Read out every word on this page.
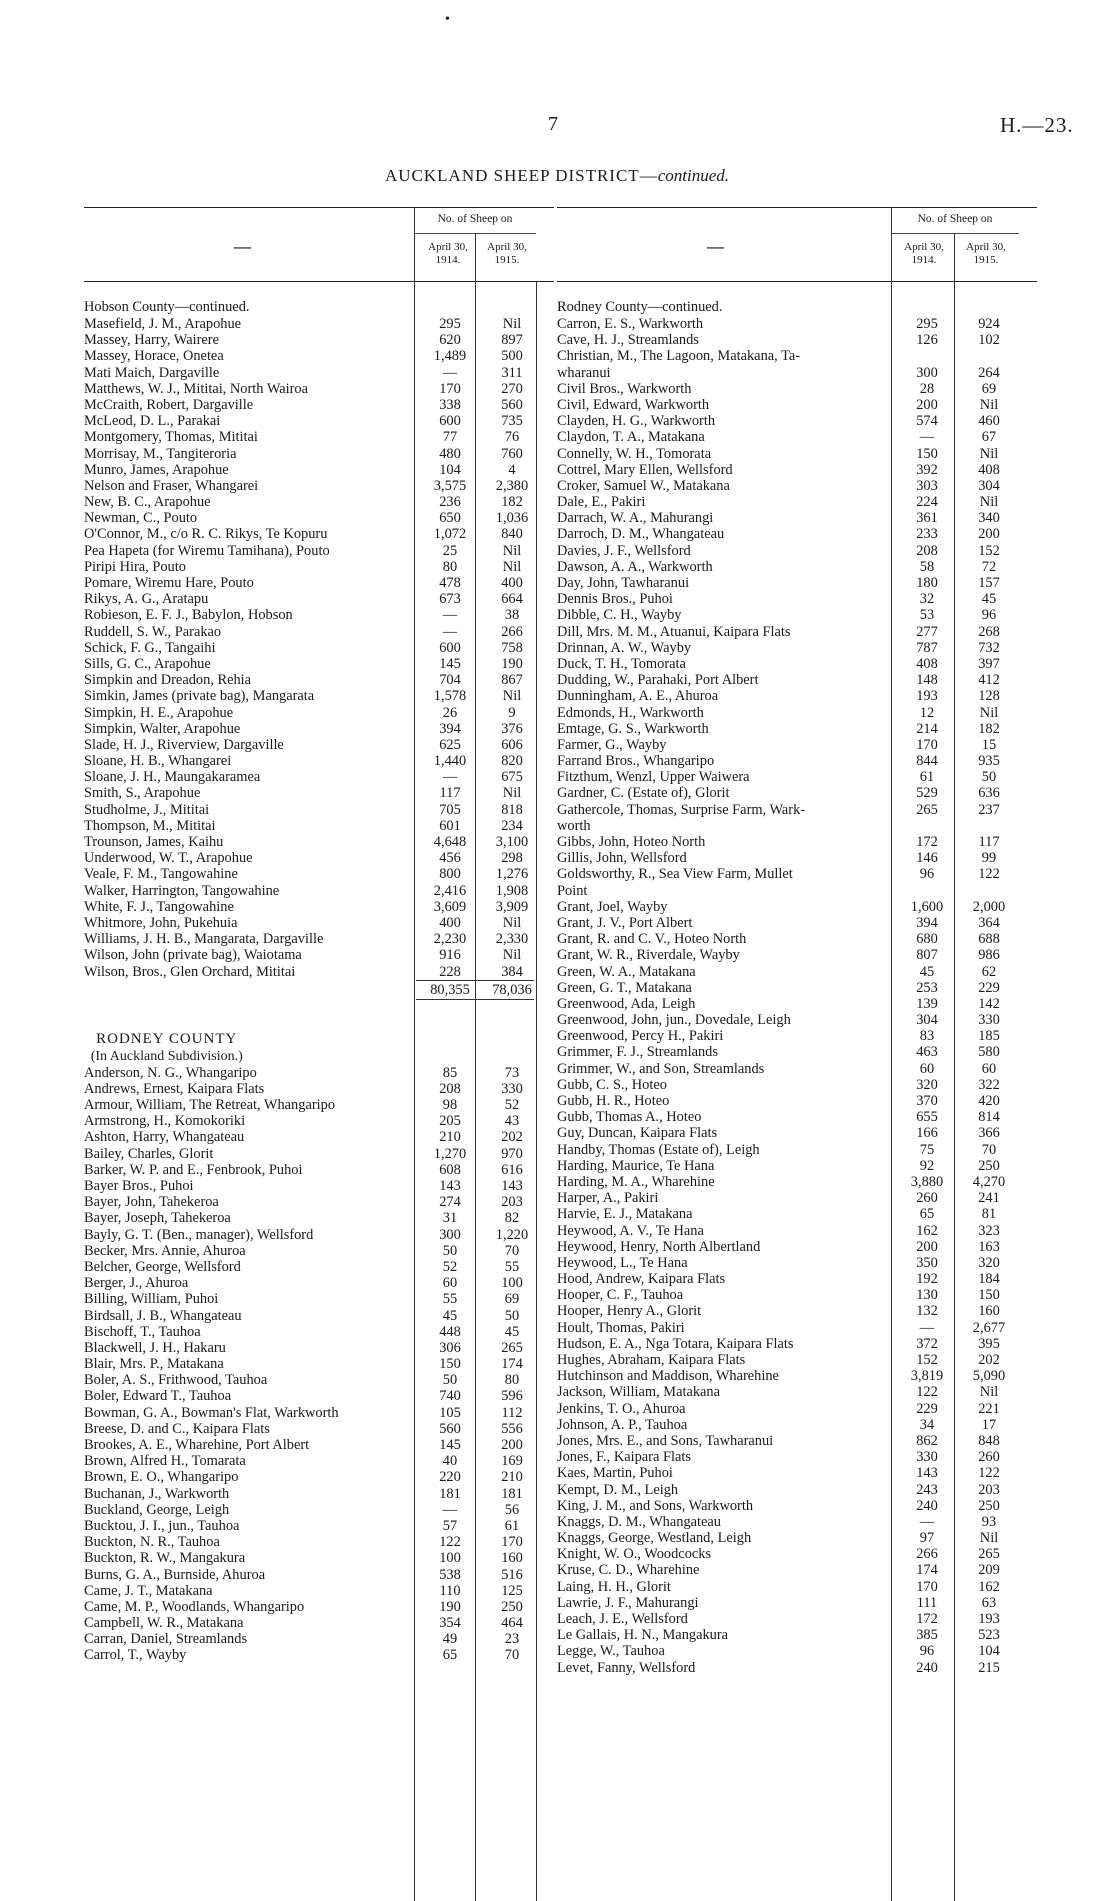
•
7	H.—23.
AUCKLAND SHEEP DISTRICT—continued.
—
No. of Sheep on
April 30, 1914.
April 30, 1915.
Hobson County—continued.
Masefield, J. M., Arapohue	295	Nil
Massey, Harry, Wairere	620	897
Massey, Horace, Onetea	1,489	500
Mati Maich, Dargaville	—	311
Matthews, W. J., Mititai, North Wairoa	170	270
McCraith, Robert, Dargaville	338	560
McLeod, D. L., Parakai	600	735
Montgomery, Thomas, Mititai	77	76
Morrisay, M., Tangiteroria	480	760
Munro, James, Arapohue	104	4
Nelson and Fraser, Whangarei	3,575	2,380
New, B. C., Arapohue	236	182
Newman, C., Pouto	650	1,036
O'Connor, M., c/o R. C. Rikys, Te Kopuru	1,072	840
Pea Hapeta (for Wiremu Tamihana), Pouto	25	Nil
Piripi Hira, Pouto	80	Nil
Pomare, Wiremu Hare, Pouto	478	400
Rikys, A. G., Aratapu	673	664
Robieson, E. F. J., Babylon, Hobson	—	38
Ruddell, S. W., Parakao	—	266
Schick, F. G., Tangaihi	600	758
Sills, G. C., Arapohue	145	190
Simpkin and Dreadon, Rehia	704	867
Simkin, James (private bag), Mangarata	1,578	Nil
Simpkin, H. E., Arapohue	26	9
Simpkin, Walter, Arapohue	394	376
Slade, H. J., Riverview, Dargaville	625	606
Sloane, H. B., Whangarei	1,440	820
Sloane, J. H., Maungakaramea	—	675
Smith, S., Arapohue	117	Nil
Studholme, J., Mititai	705	818
Thompson, M., Mititai	601	234
Trounson, James, Kaihu	4,648	3,100
Underwood, W. T., Arapohue	456	298
Veale, F. M., Tangowahine	800	1,276
Walker, Harrington, Tangowahine	2,416	1,908
White, F. J., Tangowahine	3,609	3,909
Whitmore, John, Pukehuia	400	Nil
Williams, J. H. B., Mangarata, Dargaville	2,230	2,330
Wilson, John (private bag), Waiotama	916	Nil
Wilson, Bros., Glen Orchard, Mititai	228	384
80,355	78,036
RODNEY COUNTY
(In Auckland Subdivision.)
Anderson, N. G., Whangaripo	85	73
Andrews, Ernest, Kaipara Flats	208	330
Armour, William, The Retreat, Whangaripo	98	52
Armstrong, H., Komokoriki	205	43
Ashton, Harry, Whangateau	210	202
Bailey, Charles, Glorit	1,270	970
Barker, W. P. and E., Fenbrook, Puhoi	608	616
Bayer Bros., Puhoi	143	143
Bayer, John, Tahekeroa	274	203
Bayer, Joseph, Tahekeroa	31	82
Bayly, G. T. (Ben., manager), Wellsford	300	1,220
Becker, Mrs. Annie, Ahuroa	50	70
Belcher, George, Wellsford	52	55
Berger, J., Ahuroa	60	100
Billing, William, Puhoi	55	69
Birdsall, J. B., Whangateau	45	50
Bischoff, T., Tauhoa	448	45
Blackwell, J. H., Hakaru	306	265
Blair, Mrs. P., Matakana	150	174
Boler, A. S., Frithwood, Tauhoa	50	80
Boler, Edward T., Tauhoa	740	596
Bowman, G. A., Bowman's Flat, Warkworth	105	112
Breese, D. and C., Kaipara Flats	560	556
Brookes, A. E., Wharehine, Port Albert	145	200
Brown, Alfred H., Tomarata	40	169
Brown, E. O., Whangaripo	220	210
Buchanan, J., Warkworth	181	181
Buckland, George, Leigh	—	56
Bucktou, J. I., jun., Tauhoa	57	61
Buckton, N. R., Tauhoa	122	170
Buckton, R. W., Mangakura	100	160
Burns, G. A., Burnside, Ahuroa	538	516
Came, J. T., Matakana	110	125
Came, M. P., Woodlands, Whangaripo	190	250
Campbell, W. R., Matakana	354	464
Carran, Daniel, Streamlands	49	23
Carrol, T., Wayby	65	70
—
No. of Sheep on
April 30, 1914.
April 30, 1915.
Rodney County—continued.
Carron, E. S., Warkworth	295	924
Cave, H. J., Streamlands	126	102
Christian, M., The Lagoon, Matakana, Ta-
wharanui	300	264
Civil Bros., Warkworth	28	69
Civil, Edward, Warkworth	200	Nil
Clayden, H. G., Warkworth	574	460
Claydon, T. A., Matakana	—	67
Connelly, W. H., Tomorata	150	Nil
Cottrel, Mary Ellen, Wellsford	392	408
Croker, Samuel W., Matakana	303	304
Dale, E., Pakiri	224	Nil
Darrach, W. A., Mahurangi	361	340
Darroch, D. M., Whangateau	233	200
Davies, J. F., Wellsford	208	152
Dawson, A. A., Warkworth	58	72
Day, John, Tawharanui	180	157
Dennis Bros., Puhoi	32	45
Dibble, C. H., Wayby	53	96
Dill, Mrs. M. M., Atuanui, Kaipara Flats	277	268
Drinnan, A. W., Wayby	787	732
Duck, T. H., Tomorata	408	397
Dudding, W., Parahaki, Port Albert	148	412
Dunningham, A. E., Ahuroa	193	128
Edmonds, H., Warkworth	12	Nil
Emtage, G. S., Warkworth	214	182
Farmer, G., Wayby	170	15
Farrand Bros., Whangaripo	844	935
Fitzthum, Wenzl, Upper Waiwera	61	50
Gardner, C. (Estate of), Glorit	529	636
Gathercole, Thomas, Surprise Farm, Wark-	265	237
worth
Gibbs, John, Hoteo North	172	117
Gillis, John, Wellsford	146	99
Goldsworthy, R., Sea View Farm, Mullet	96	122
Point
Grant, Joel, Wayby	1,600	2,000
Grant, J. V., Port Albert	394	364
Grant, R. and C. V., Hoteo North	680	688
Grant, W. R., Riverdale, Wayby	807	986
Green, W. A., Matakana	45	62
Green, G. T., Matakana	253	229
Greenwood, Ada, Leigh	139	142
Greenwood, John, jun., Dovedale, Leigh	304	330
Greenwood, Percy H., Pakiri	83	185
Grimmer, F. J., Streamlands	463	580
Grimmer, W., and Son, Streamlands	60	60
Gubb, C. S., Hoteo	320	322
Gubb, H. R., Hoteo	370	420
Gubb, Thomas A., Hoteo	655	814
Guy, Duncan, Kaipara Flats	166	366
Handby, Thomas (Estate of), Leigh	75	70
Harding, Maurice, Te Hana	92	250
Harding, M. A., Wharehine	3,880	4,270
Harper, A., Pakiri	260	241
Harvie, E. J., Matakana	65	81
Heywood, A. V., Te Hana	162	323
Heywood, Henry, North Albertland	200	163
Heywood, L., Te Hana	350	320
Hood, Andrew, Kaipara Flats	192	184
Hooper, C. F., Tauhoa	130	150
Hooper, Henry A., Glorit	132	160
Hoult, Thomas, Pakiri	—	2,677
Hudson, E. A., Nga Totara, Kaipara Flats	372	395
Hughes, Abraham, Kaipara Flats	152	202
Hutchinson and Maddison, Wharehine	3,819	5,090
Jackson, William, Matakana	122	Nil
Jenkins, T. O., Ahuroa	229	221
Johnson, A. P., Tauhoa	34	17
Jones, Mrs. E., and Sons, Tawharanui	862	848
Jones, F., Kaipara Flats	330	260
Kaes, Martin, Puhoi	143	122
Kempt, D. M., Leigh	243	203
King, J. M., and Sons, Warkworth	240	250
Knaggs, D. M., Whangateau	—	93
Knaggs, George, Westland, Leigh	97	Nil
Knight, W. O., Woodcocks	266	265
Kruse, C. D., Wharehine	174	209
Laing, H. H., Glorit	170	162
Lawrie, J. F., Mahurangi	111	63
Leach, J. E., Wellsford	172	193
Le Gallais, H. N., Mangakura	385	523
Legge, W., Tauhoa	96	104
Levet, Fanny, Wellsford	240	215
